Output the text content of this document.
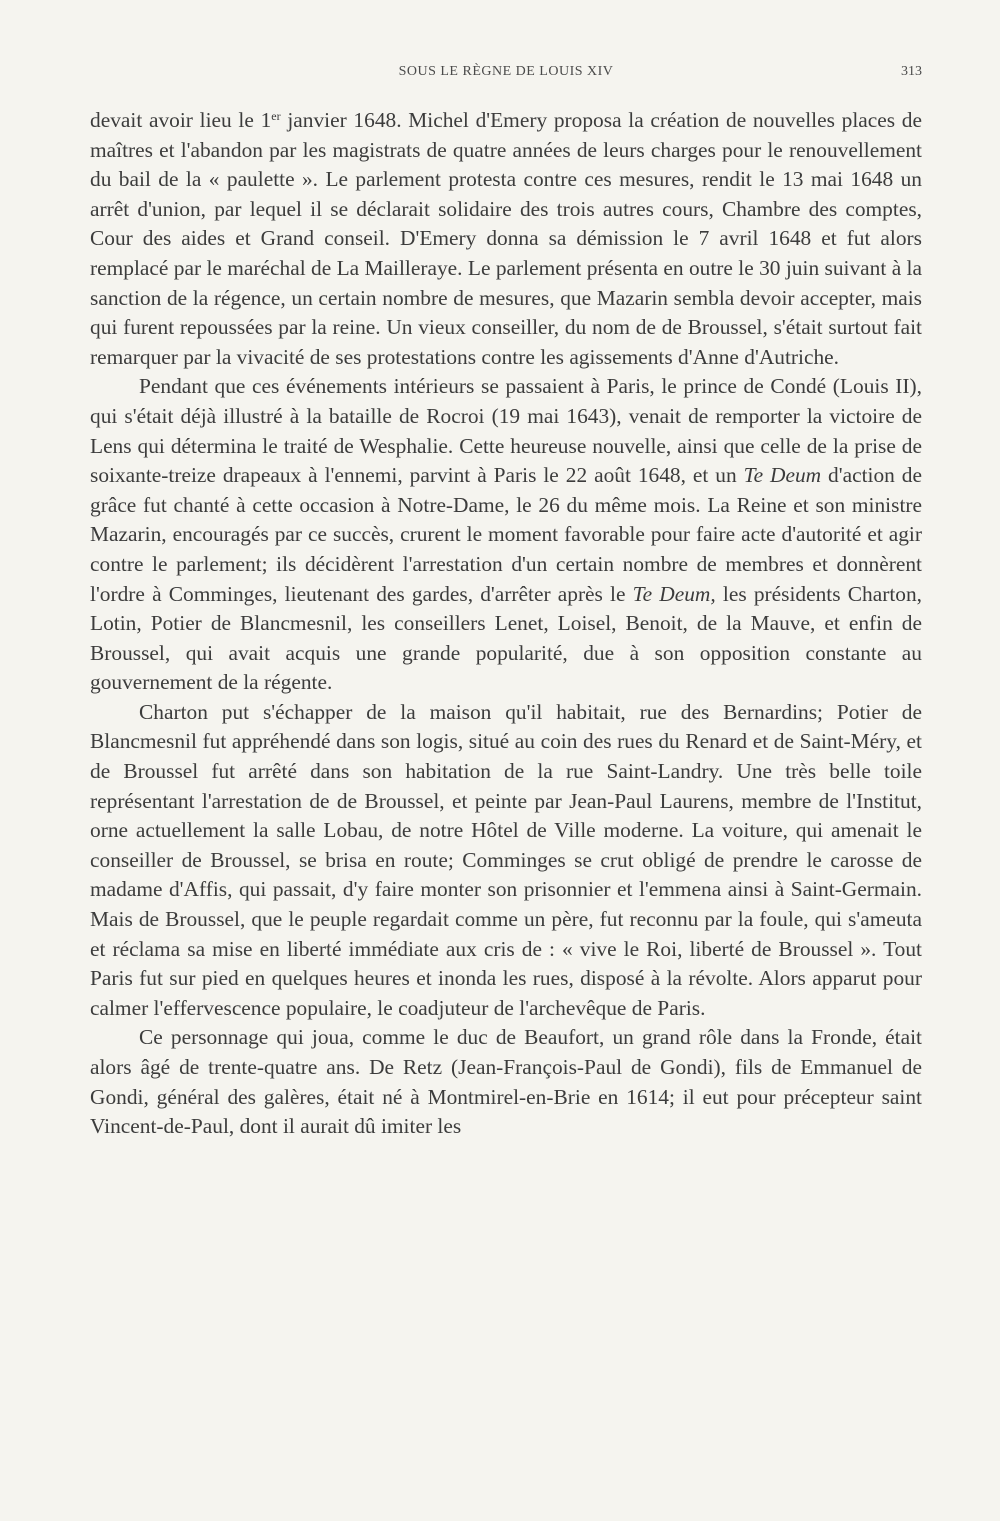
SOUS LE RÈGNE DE LOUIS XIV	313

devait avoir lieu le 1er janvier 1648. Michel d'Emery proposa la création de nouvelles places de maîtres et l'abandon par les magistrats de quatre années de leurs charges pour le renouvellement du bail de la « paulette ». Le parlement protesta contre ces mesures, rendit le 13 mai 1648 un arrêt d'union, par lequel il se déclarait solidaire des trois autres cours, Chambre des comptes, Cour des aides et Grand conseil. D'Emery donna sa démission le 7 avril 1648 et fut alors remplacé par le maréchal de La Mailleraye. Le parlement présenta en outre le 30 juin suivant à la sanction de la régence, un certain nombre de mesures, que Mazarin sembla devoir accepter, mais qui furent repoussées par la reine. Un vieux conseiller, du nom de de Broussel, s'était surtout fait remarquer par la vivacité de ses protestations contre les agissements d'Anne d'Autriche.

Pendant que ces événements intérieurs se passaient à Paris, le prince de Condé (Louis II), qui s'était déjà illustré à la bataille de Rocroi (19 mai 1643), venait de remporter la victoire de Lens qui détermina le traité de Wesphalie. Cette heureuse nouvelle, ainsi que celle de la prise de soixante-treize drapeaux à l'ennemi, parvint à Paris le 22 août 1648, et un Te Deum d'action de grâce fut chanté à cette occasion à Notre-Dame, le 26 du même mois. La Reine et son ministre Mazarin, encouragés par ce succès, crurent le moment favorable pour faire acte d'autorité et agir contre le parlement; ils décidèrent l'arrestation d'un certain nombre de membres et donnèrent l'ordre à Comminges, lieutenant des gardes, d'arrêter après le Te Deum, les présidents Charton, Lotin, Potier de Blancmesnil, les conseillers Lenet, Loisel, Benoit, de la Mauve, et enfin de Broussel, qui avait acquis une grande popularité, due à son opposition constante au gouvernement de la régente.

Charton put s'échapper de la maison qu'il habitait, rue des Bernardins; Potier de Blancmesnil fut appréhendé dans son logis, situé au coin des rues du Renard et de Saint-Méry, et de Broussel fut arrêté dans son habitation de la rue Saint-Landry. Une très belle toile représentant l'arrestation de de Broussel, et peinte par Jean-Paul Laurens, membre de l'Institut, orne actuellement la salle Lobau, de notre Hôtel de Ville moderne. La voiture, qui amenait le conseiller de Broussel, se brisa en route; Comminges se crut obligé de prendre le carosse de madame d'Affis, qui passait, d'y faire monter son prisonnier et l'emmena ainsi à Saint-Germain. Mais de Broussel, que le peuple regardait comme un père, fut reconnu par la foule, qui s'ameuta et réclama sa mise en liberté immédiate aux cris de : « vive le Roi, liberté de Broussel ». Tout Paris fut sur pied en quelques heures et inonda les rues, disposé à la révolte. Alors apparut pour calmer l'effervescence populaire, le coadjuteur de l'archevêque de Paris.

Ce personnage qui joua, comme le duc de Beaufort, un grand rôle dans la Fronde, était alors âgé de trente-quatre ans. De Retz (Jean-François-Paul de Gondi), fils de Emmanuel de Gondi, général des galères, était né à Montmirel-en-Brie en 1614; il eut pour précepteur saint Vincent-de-Paul, dont il aurait dû imiter les
